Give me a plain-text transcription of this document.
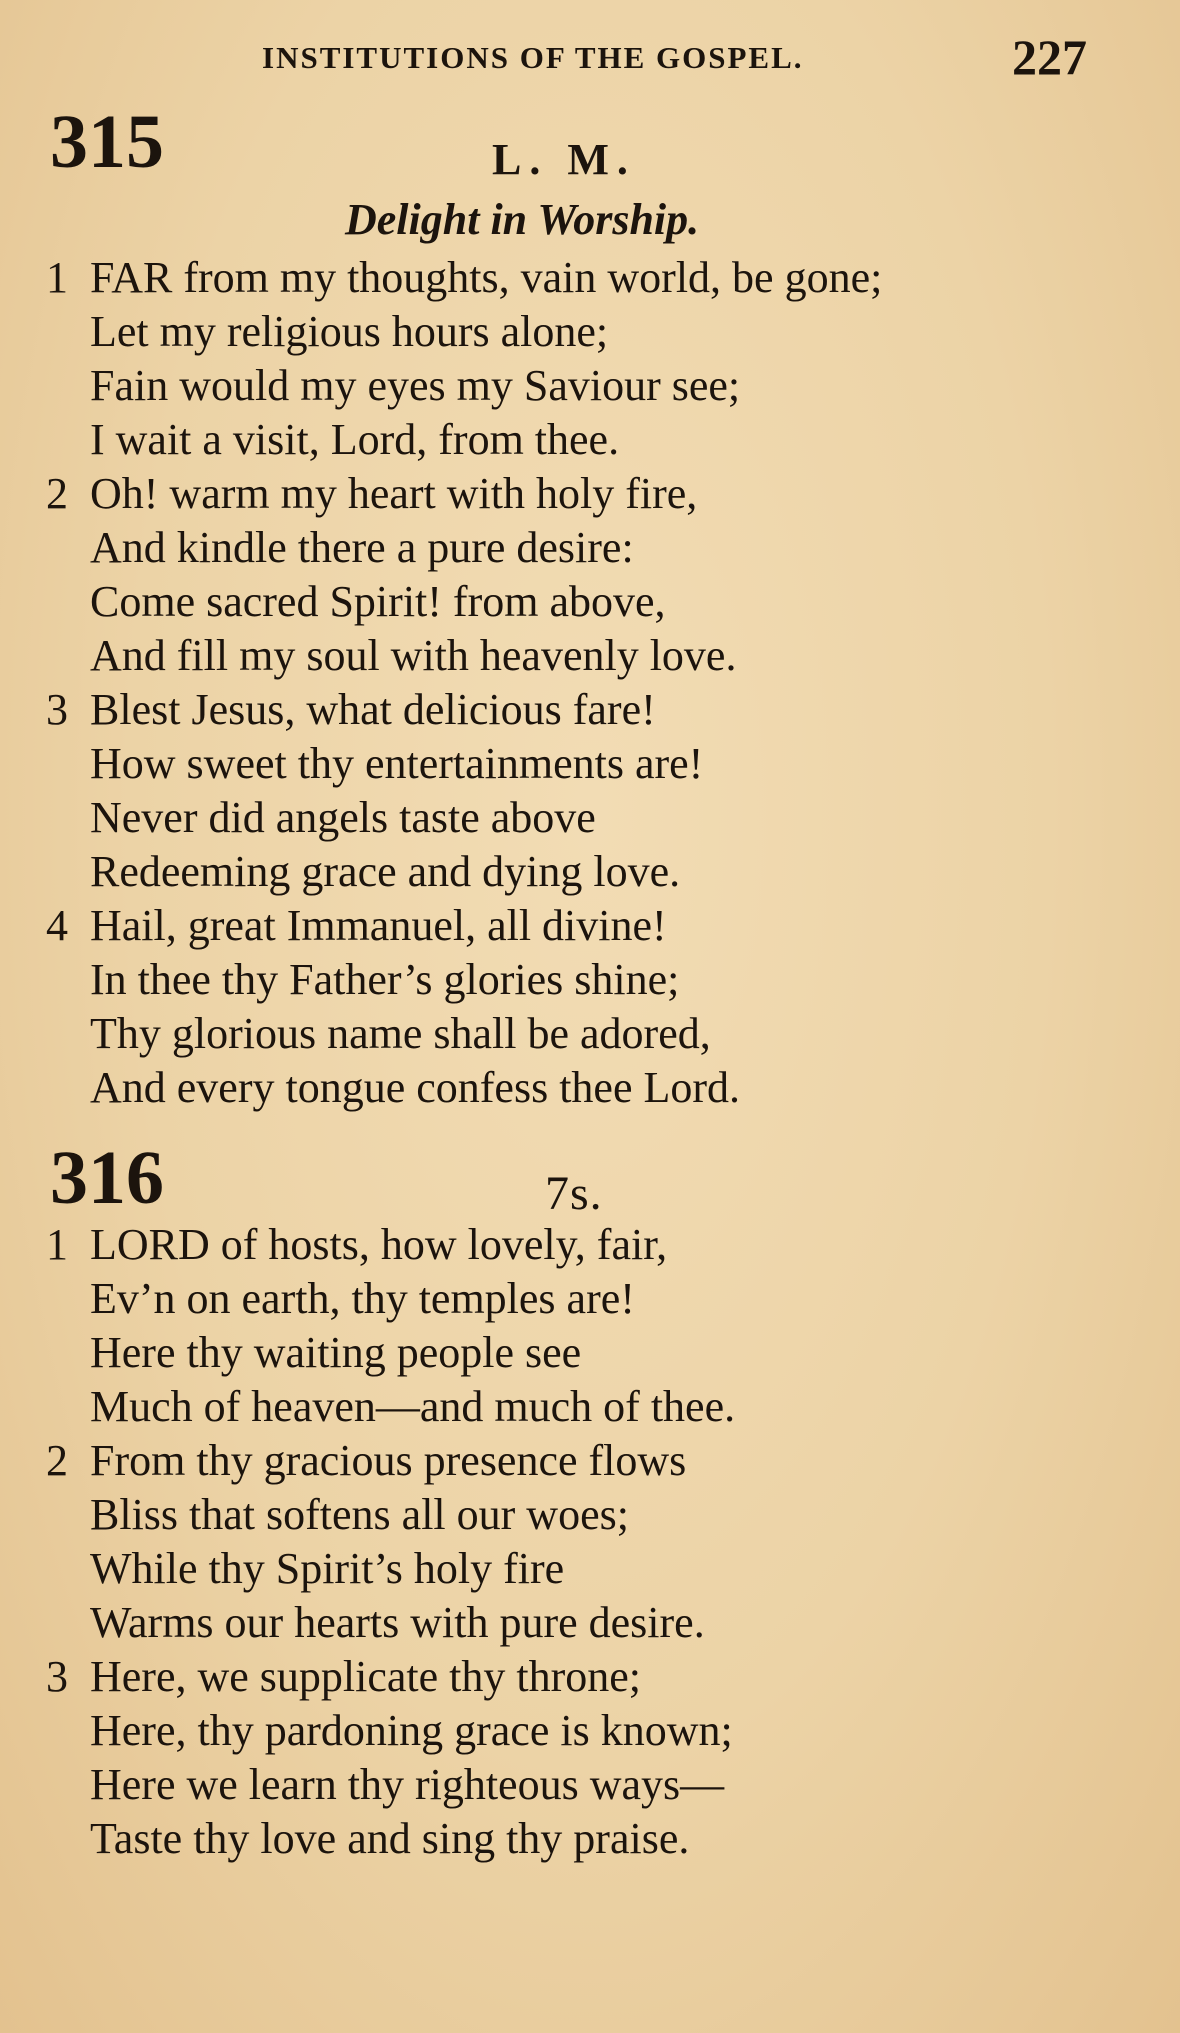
INSTITUTIONS OF THE GOSPEL.	227
315	L. M.
Delight in Worship.
1 FAR from my thoughts, vain world, be gone;
Let my religious hours alone;
Fain would my eyes my Saviour see;
I wait a visit, Lord, from thee.
2 Oh! warm my heart with holy fire,
And kindle there a pure desire:
Come sacred Spirit! from above,
And fill my soul with heavenly love.
3 Blest Jesus, what delicious fare!
How sweet thy entertainments are!
Never did angels taste above
Redeeming grace and dying love.
4 Hail, great Immanuel, all divine!
In thee thy Father’s glories shine;
Thy glorious name shall be adored,
And every tongue confess thee Lord.
316	7s.
1 LORD of hosts, how lovely, fair,
Ev’n on earth, thy temples are!
Here thy waiting people see
Much of heaven—and much of thee.
2 From thy gracious presence flows
Bliss that softens all our woes;
While thy Spirit’s holy fire
Warms our hearts with pure desire.
3 Here, we supplicate thy throne;
Here, thy pardoning grace is known;
Here we learn thy righteous ways—
Taste thy love and sing thy praise.
